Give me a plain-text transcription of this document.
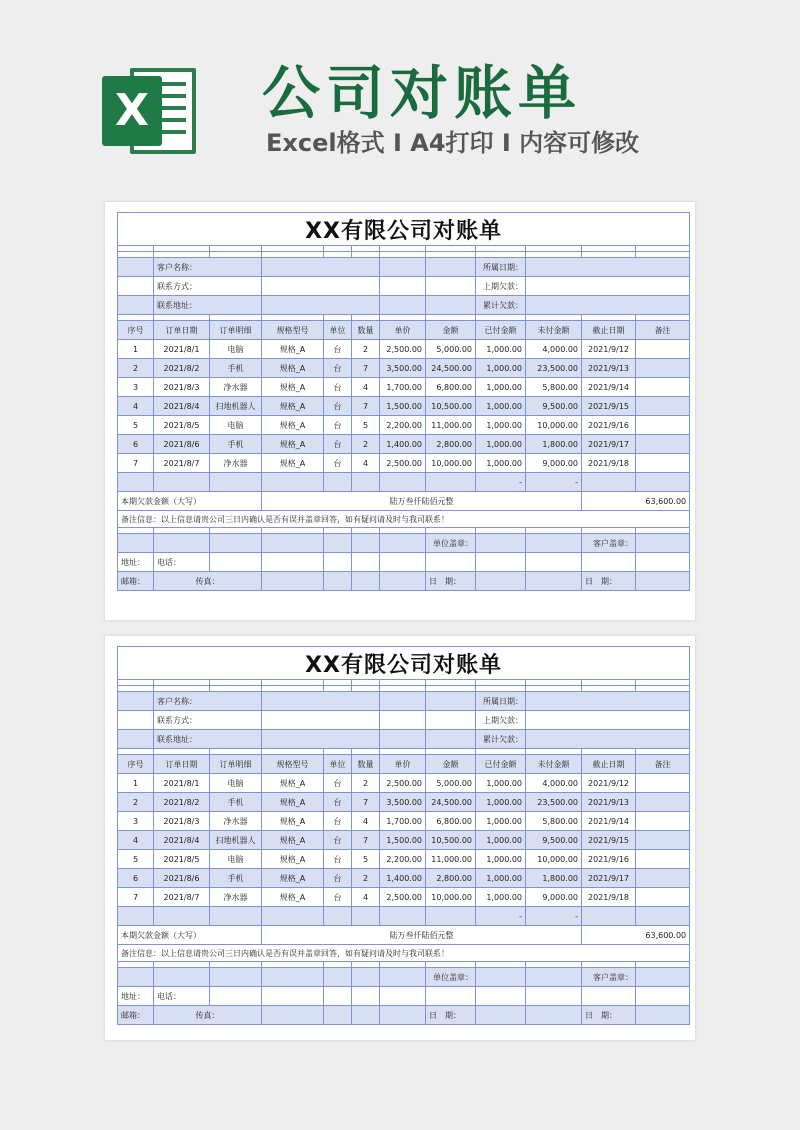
X 公司对账单
Excel格式 I A4打印 I 内容可修改
XX有限公司对账单											

	客户名称：							所属日期：			
	联系方式：							上期欠款：			
	联系地址：							累计欠款：			

序号	订单日期	订单明细	规格型号	单位	数量	单价	金额	已付金额	未付金额	截止日期	备注
1	2021/8/1	电脑	规格_A	台	2	2,500.00	5,000.00	1,000.00	4,000.00	2021/9/12	
2	2021/8/2	手机	规格_A	台	7	3,500.00	24,500.00	1,000.00	23,500.00	2021/9/13	
3	2021/8/3	净水器	规格_A	台	4	1,700.00	6,800.00	1,000.00	5,800.00	2021/9/14	
4	2021/8/4	扫地机器人	规格_A	台	7	1,500.00	10,500.00	1,000.00	9,500.00	2021/9/15	
5	2021/8/5	电脑	规格_A	台	5	2,200.00	11,000.00	1,000.00	10,000.00	2021/9/16	
6	2021/8/6	手机	规格_A	台	2	1,400.00	2,800.00	1,000.00	1,800.00	2021/9/17	
7	2021/8/7	净水器	规格_A	台	4	2,500.00	10,000.00	1,000.00	9,000.00	2021/9/18	
								-	-		
本期欠款金额（大写）			陆万叁仟陆佰元整							63,600.00	
备注信息：以上信息请贵公司三日内确认是否有误并盖章回答，如有疑问请及时与我司联系！											

							单位盖章：			客户盖章：	
地址：	电话：										
邮箱：	传真：						日　期：			日　期：	
XX有限公司对账单											

	客户名称：							所属日期：			
	联系方式：							上期欠款：			
	联系地址：							累计欠款：			

序号	订单日期	订单明细	规格型号	单位	数量	单价	金额	已付金额	未付金额	截止日期	备注
1	2021/8/1	电脑	规格_A	台	2	2,500.00	5,000.00	1,000.00	4,000.00	2021/9/12	
2	2021/8/2	手机	规格_A	台	7	3,500.00	24,500.00	1,000.00	23,500.00	2021/9/13	
3	2021/8/3	净水器	规格_A	台	4	1,700.00	6,800.00	1,000.00	5,800.00	2021/9/14	
4	2021/8/4	扫地机器人	规格_A	台	7	1,500.00	10,500.00	1,000.00	9,500.00	2021/9/15	
5	2021/8/5	电脑	规格_A	台	5	2,200.00	11,000.00	1,000.00	10,000.00	2021/9/16	
6	2021/8/6	手机	规格_A	台	2	1,400.00	2,800.00	1,000.00	1,800.00	2021/9/17	
7	2021/8/7	净水器	规格_A	台	4	2,500.00	10,000.00	1,000.00	9,000.00	2021/9/18	
								-	-		
本期欠款金额（大写）			陆万叁仟陆佰元整							63,600.00	
备注信息：以上信息请贵公司三日内确认是否有误并盖章回答，如有疑问请及时与我司联系！											

							单位盖章：			客户盖章：	
地址：	电话：										
邮箱：	传真：						日　期：			日　期：	
